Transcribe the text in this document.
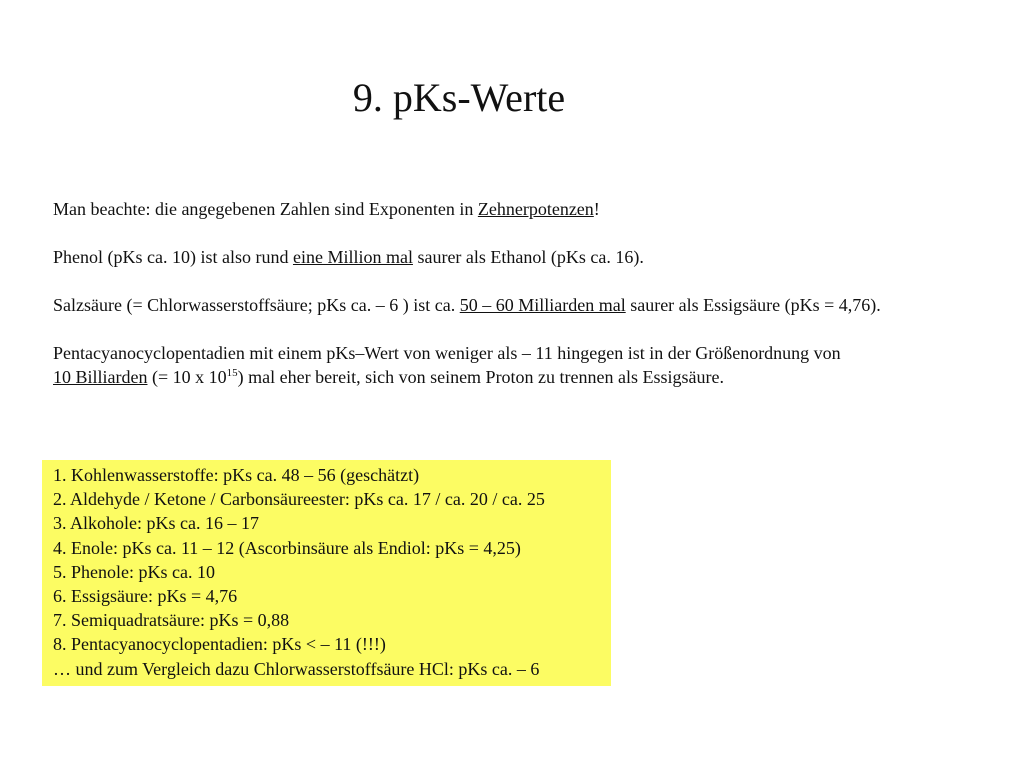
9. pKs-Werte

Man beachte: die angegebenen Zahlen sind Exponenten in Zehnerpotenzen!

Phenol (pKs ca. 10) ist also rund eine Million mal saurer als Ethanol (pKs ca. 16).

Salzsäure (= Chlorwasserstoffsäure; pKs ca. – 6 ) ist ca. 50 – 60 Milliarden mal saurer als Essigsäure (pKs = 4,76).

Pentacyanocyclopentadien mit einem pKs–Wert von weniger als – 11 hingegen ist in der Größenordnung von

10 Billiarden (= 10 x $10^{15}$) mal eher bereit, sich von seinem Proton zu trennen als Essigsäure.

1. Kohlenwasserstoffe: pKs ca. 48 – 56 (geschätzt)
2. Aldehyde / Ketone / Carbonsäureester: pKs ca. 17 / ca. 20 / ca. 25
3. Alkohole: pKs ca. 16 – 17
4. Enole: pKs ca. 11 – 12 (Ascorbinsäure als Endiol: pKs = 4,25)
5. Phenole: pKs ca. 10
6. Essigsäure: pKs = 4,76
7. Semiquadratsäure: pKs = 0,88
8. Pentacyanocyclopentadien: pKs < – 11 (!!!)
… und zum Vergleich dazu Chlorwasserstoffsäure HCl: pKs ca. – 6
